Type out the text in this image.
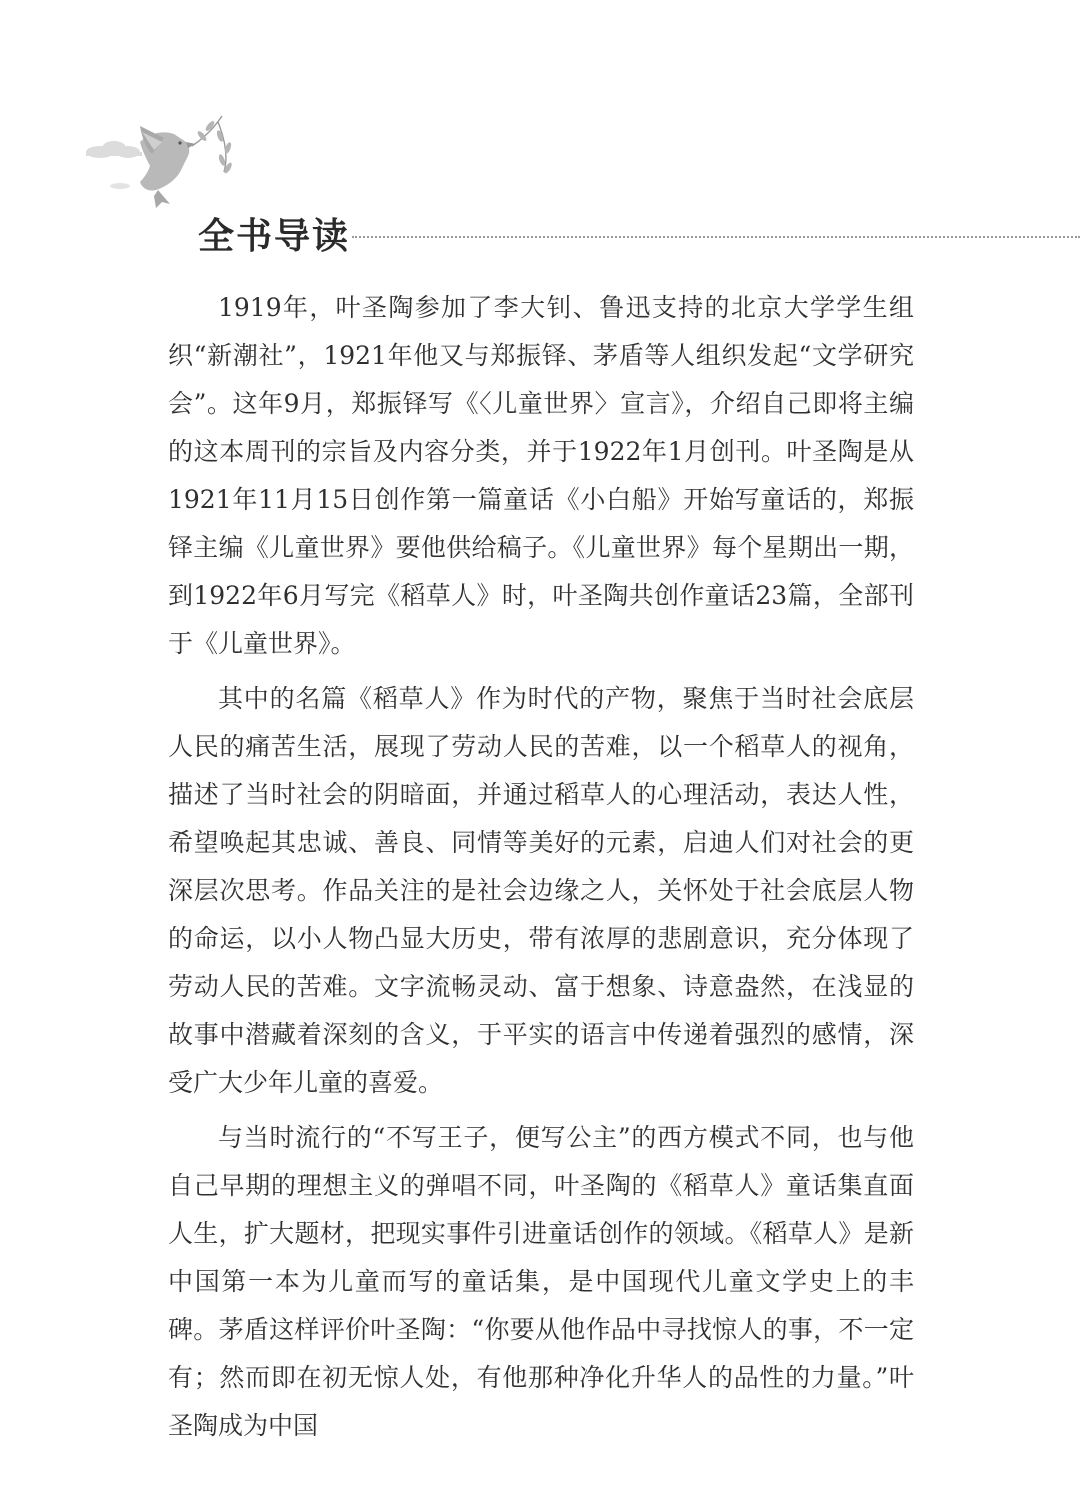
全书导读

1919年，叶圣陶参加了李大钊、鲁迅支持的北京大学学生组织“新潮社”，1921年他又与郑振铎、茅盾等人组织发起“文学研究会”。这年9月，郑振铎写《〈儿童世界〉宣言》，介绍自己即将主编的这本周刊的宗旨及内容分类，并于1922年1月创刊。叶圣陶是从1921年11月15日创作第一篇童话《小白船》开始写童话的，郑振铎主编《儿童世界》要他供给稿子。《儿童世界》每个星期出一期，到1922年6月写完《稻草人》时，叶圣陶共创作童话23篇，全部刊于《儿童世界》。

其中的名篇《稻草人》作为时代的产物，聚焦于当时社会底层人民的痛苦生活，展现了劳动人民的苦难，以一个稻草人的视角，描述了当时社会的阴暗面，并通过稻草人的心理活动，表达人性，希望唤起其忠诚、善良、同情等美好的元素，启迪人们对社会的更深层次思考。作品关注的是社会边缘之人，关怀处于社会底层人物的命运，以小人物凸显大历史，带有浓厚的悲剧意识，充分体现了劳动人民的苦难。文字流畅灵动、富于想象、诗意盎然，在浅显的故事中潜藏着深刻的含义，于平实的语言中传递着强烈的感情，深受广大少年儿童的喜爱。

与当时流行的“不写王子，便写公主”的西方模式不同，也与他自己早期的理想主义的弹唱不同，叶圣陶的《稻草人》童话集直面人生，扩大题材，把现实事件引进童话创作的领域。《稻草人》是新中国第一本为儿童而写的童话集，是中国现代儿童文学史上的丰碑。茅盾这样评价叶圣陶：“你要从他作品中寻找惊人的事，不一定有；然而即在初无惊人处，有他那种净化升华人的品性的力量。”叶圣陶成为中国
